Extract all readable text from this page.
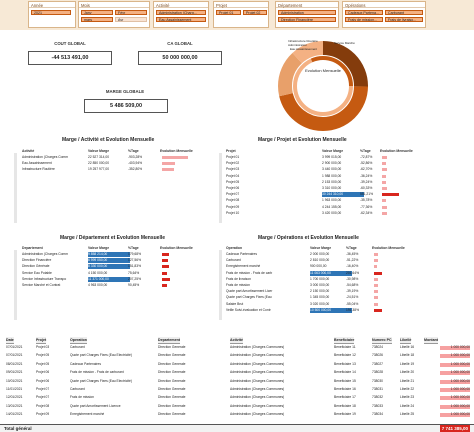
Année
2021
Mois
Janv	Févr
mars	Avr
Activité
Administration (Charg...
Eau Assainissement
Projet
Projet 01	Projet 02
Département
Administration
Direction Financière
Opérations
Cadeaux Partena...	Carburant
Frais de mission...	Frais de livraiso...
COUT GLOBAL
-44 513 491,00
CA GLOBAL
50 000 000,00
MARGE GLOBALE
5 486 509,00
Evolution Mensuelle
Infrastructure Routière
Administration
Eau Assainissement
Service Marché
Marge / Activité et Evolution Mensuelle	Marge / Projet et Evolution Mensuelle
Marge / Département et Evolution Mensuelle	Marge / Opérations et Evolution Mensuelle
Activité	Valeur Marge	%Tage	Evolution Mensuelle
Administration (Charges Comm	22 527 314,00	-903,28%
Eau Assainissement	22 850 000,00	-403,94%
Infrastructure Routière	19 257 977,00	-352,80%
Projet	Valeur Marge	%Tage	Evolution Mensuelle
Projet 01	3 999 015,00	-72,87%
Projet 02	2 900 000,00	-52,86%
Projet 03	3 440 000,00	-62,70%
Projet 04	1 988 000,00	-36,24%
Projet 05	2 153 000,00	-39,24%
Projet 06	3 310 000,00	-60,33%
Projet 07	30 244 310,00	551,21%
Projet 08	1 963 000,00	-35,78%
Projet 09	4 244 155,00	-77,36%
Projet 10	3 420 000,00	-62,34%
Departement	Valeur Marge	%Tage	Evolution Mensuelle
Administration (Charges Comm	9 858 214,00	179,68%
Direction Financière	6 999 050,00	127,56%
Direction Générale	8 330 000,00	151,83%
Service Eau Potable	4 150 000,00	75,64%
Service Infrastructure Transpo	11 371 000,00	207,25%
Service Marché et Contrat	4 963 000,00	90,45%
Operation	Valeur Marge	%Tage	Evolution Mensuelle
Cadeaux Partenaires	2 000 000,00	-36,45%
Carburant	2 810 000,00	-51,22%
Enregistrement marché	900 000,00	-16,40%
Frais de mission - Frais de carb	11 063 000,00	201,64%
Frais de livraison	1 700 000,00	-30,98%
Frais de mission	3 000 000,00	-54,68%
Quote part Amortissement Licer	2 150 000,00	-39,19%
Quote part Charges Fixes (Eau	1 345 000,00	-24,51%
Salaire Brut	3 020 000,00	-55,04%
Veille Suivi-évaluation et Contr	10 500 000,00	191,38%
Date	Projet	Operation	Departement	Activité	Beneficiaire	Numero PC Libellé	Montant
07/01/2021	Projet 03	Carburant	Direction Generale	Administration (Charges Communes)	Beneficiaire 11	738024	Libellé 16	1 000 000,00
07/01/2021	Projet 05	Quote part Charges Fixes (Eau Electricité)	Direction Generale	Administration (Charges Communes)	Beneficiaire 12	738026	Libellé 18	1 000 000,00
08/01/2021	Projet 05	Cadeaux Partenaires	Direction Generale	Administration (Charges Communes)	Beneficiaire 13	738027	Libellé 19	1 000 000,00
09/01/2021	Projet 06	Frais de mission - Frais de carburant	Direction Generale	Administration (Charges Communes)	Beneficiaire 14	738028	Libellé 20	1 000 000,00
10/01/2021	Projet 06	Quote part Charges Fixes (Eau Electricité)	Direction Generale	Administration (Charges Communes)	Beneficiaire 15	738030	Libellé 21	1 000 000,00
11/01/2021	Projet 07	Carburant	Direction Generale	Administration (Charges Communes)	Beneficiaire 16	738031	Libellé 22	1 000 000,00
12/01/2021	Projet 07	Frais de mission	Direction Generale	Administration (Charges Communes)	Beneficiaire 17	738032	Libellé 23	1 000 000,00
13/01/2021	Projet 08	Quote part Amortissement Licence	Direction Generale	Administration (Charges Communes)	Beneficiaire 18	738033	Libellé 24	1 000 000,00
14/01/2021	Projet 09	Enregistrement marché	Direction Generale	Administration (Charges Communes)	Beneficiaire 19	738034	Libellé 25	1 000 000,00
Total général	7 741 385,00
